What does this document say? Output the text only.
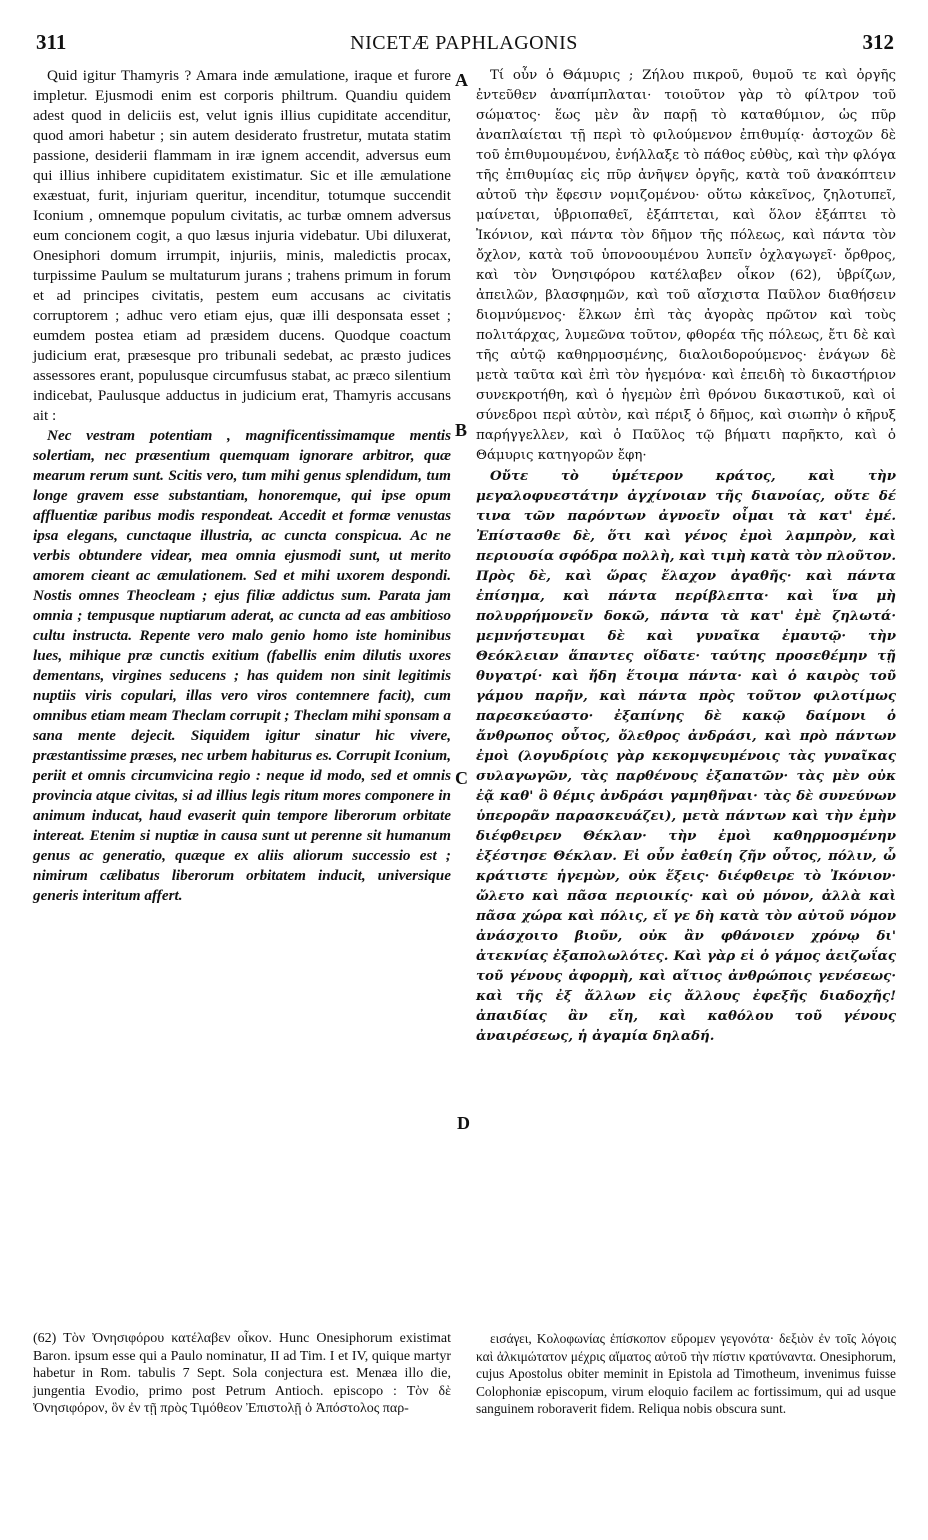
311	NICETÆ PAPHLAGONIS	312

Quid igitur Thamyris ? Amara inde æmulatione, iraque et furore impletur. Ejusmodi enim est corporis philtrum. Quandiu quidem adest quod in deliciis est, velut ignis illius cupiditate accenditur, quod amori habetur ; sin autem desiderato frustretur, mutata statim passione, desiderii flammam in iræ ignem accendit, adversus eum qui illius inhibere cupiditatem existimatur. Sic et ille æmulatione exæstuat, furit, injuriam queritur, incenditur, totumque succendit Iconium , omnemque populum civitatis, ac turbæ omnem adversus eum concionem cogit, a quo læsus injuria videbatur. Ubi diluxerat, Onesiphori domum irrumpit, injuriis, minis, maledictis procax, turpissime Paulum se multaturum jurans ; trahens primum in forum et ad principes civitatis, pestem eum accusans ac civitatis corruptorem ; adhuc vero etiam ejus, quæ illi desponsata esset ; eumdem postea etiam ad præsidem ducens. Quodque coactum judicium erat, præsesque pro tribunali sedebat, ac præsto judices assessores erant, populusque circumfusus stabat, ac præco silentium indicebat, Paulusque adductus in judicium erat, Thamyris accusans ait :

Nec vestram potentiam , magnificentissimamque mentis solertiam, nec præsentium quemquam ignorare arbitror, quæ mearum rerum sunt. Scitis vero, tum mihi genus splendidum, tum longe gravem esse substantiam, honoremque, qui ipse opum affluentiæ paribus modis respondeat. Accedit et formæ venustas ipsa elegans, cunctaque illustria, ac cuncta conspicua. Ac ne verbis obtundere videar, mea omnia ejusmodi sunt, ut merito amorem cieant ac æmulationem. Sed et mihi uxorem despondi. Nostis omnes Theocleam ; ejus filiæ addictus sum. Parata jam omnia ; tempusque nuptiarum aderat, ac cuncta ad eas ambitioso cultu instructa. Repente vero malo genio homo iste hominibus lues, mihique præ cunctis exitium (fabellis enim dilutis uxores dementans, virgines seducens ; has quidem non sinit legitimis nuptiis viris copulari, illas vero viros contemnere facit), cum omnibus etiam meam Theclam corrupit ; Theclam mihi sponsam a sana mente dejecit. Siquidem igitur sinatur hic vivere, præstantissime præses, nec urbem habiturus es. Corrupit Iconium, periit et omnis circumvicina regio : neque id modo, sed et omnis provincia atque civitas, si ad illius legis ritum mores componere in animum inducat, haud evaserit quin tempore liberorum orbitate intereat. Etenim si nuptiæ in causa sunt ut perenne sit humanum genus ac generatio, quæque ex aliis aliorum successio est ; nimirum cælibatus liberorum orbitatem inducit, universique generis interitum affert.

A
B
C
D

Τί οὖν ὁ Θάμυρις ; Ζήλου πικροῦ, θυμοῦ τε καὶ ὀργῆς ἐντεῦθεν ἀναπίμπλαται· τοιοῦτον γὰρ τὸ φίλτρον τοῦ σώματος· ἕως μὲν ἂν παρῇ τὸ καταθύμιον, ὡς πῦρ ἀναπλαίεται τῇ περὶ τὸ φιλούμενον ἐπιθυμίᾳ· ἀστοχῶν δὲ τοῦ ἐπιθυμουμένου, ἐνήλλαξε τὸ πάθος εὐθὺς, καὶ τὴν φλόγα τῆς ἐπιθυμίας εἰς πῦρ ἀνῆψεν ὀργῆς, κατὰ τοῦ ἀνακόπτειν αὐτοῦ τὴν ἔφεσιν νομιζομένου· οὕτω κἀκεῖνος, ζηλοτυπεῖ, μαίνεται, ὑβριοπαθεῖ, ἐξάπτεται, καὶ ὅλον ἐξάπτει τὸ Ἰκόνιον, καὶ πάντα τὸν δῆμον τῆς πόλεως, καὶ πάντα τὸν ὄχλον, κατὰ τοῦ ὑπονοουμένου λυπεῖν ὀχλαγωγεῖ· ὄρθρος, καὶ τὸν Ὀνησιφόρου κατέλαβεν οἶκον (62), ὑβρίζων, ἀπειλῶν, βλασφημῶν, καὶ τοῦ αἴσχιστα Παῦλον διαθήσειν διομνύμενος· ἕλκων ἐπὶ τὰς ἀγορὰς πρῶτον καὶ τοὺς πολιτάρχας, λυμεῶνα τοῦτον, φθορέα τῆς πόλεως, ἔτι δὲ καὶ τῆς αὐτῷ καθηρμοσμένης, διαλοιδορούμενος· ἐνάγων δὲ μετὰ ταῦτα καὶ ἐπὶ τὸν ἡγεμόνα· καὶ ἐπειδὴ τὸ δικαστήριον συνεκροτήθη, καὶ ὁ ἡγεμὼν ἐπὶ θρόνου δικαστικοῦ, καὶ οἱ σύνεδροι περὶ αὐτὸν, καὶ πέριξ ὁ δῆμος, καὶ σιωπὴν ὁ κῆρυξ παρήγγελλεν, καὶ ὁ Παῦλος τῷ βήματι παρῆκτο, καὶ ὁ Θάμυρις κατηγορῶν ἔφη·

Οὔτε τὸ ὑμέτερον κράτος, καὶ τὴν μεγαλοφυεστάτην ἀγχίνοιαν τῆς διανοίας, οὔτε δέ τινα τῶν παρόντων ἀγνοεῖν οἶμαι τὰ κατ' ἐμέ. Ἐπίστασθε δὲ, ὅτι καὶ γένος ἐμοὶ λαμπρὸν, καὶ περιουσία σφόδρα πολλὴ, καὶ τιμὴ κατὰ τὸν πλοῦτον. Πρὸς δὲ, καὶ ὥρας ἔλαχον ἀγαθῆς· καὶ πάντα ἐπίσημα, καὶ πάντα περίβλεπτα· καὶ ἵνα μὴ πολυρρήμονεῖν δοκῶ, πάντα τὰ κατ' ἐμὲ ζηλωτά· μεμνήστευμαι δὲ καὶ γυναῖκα ἐμαυτῷ· τὴν Θεόκλειαν ἅπαντες οἴδατε· ταύτης προσεθέμην τῇ θυγατρί· καὶ ἤδη ἕτοιμα πάντα· καὶ ὁ καιρὸς τοῦ γάμου παρῆν, καὶ πάντα πρὸς τοῦτον φιλοτίμως παρεσκεύαστο· ἐξαπίνης δὲ κακῷ δαίμονι ὁ ἄνθρωπος οὗτος, ὄλεθρος ἀνδράσι, καὶ πρὸ πάντων ἐμοὶ (λογυδρίοις γὰρ κεκομψευμένοις τὰς γυναῖκας συλαγωγῶν, τὰς παρθένους ἐξαπατῶν· τὰς μὲν οὐκ ἐᾷ καθ' ὃ θέμις ἀνδράσι γαμηθῆναι· τὰς δὲ συνεύνων ὑπερορᾶν παρασκευάζει), μετὰ πάντων καὶ τὴν ἐμὴν διέφθειρεν Θέκλαν· τὴν ἐμοὶ καθηρμοσμένην ἐξέστησε Θέκλαν. Εἰ οὖν ἐαθείη ζῆν οὗτος, πόλιν, ὦ κράτιστε ἡγεμὼν, οὐκ ἕξεις· διέφθειρε τὸ Ἰκόνιον· ὤλετο καὶ πᾶσα περιοικίς· καὶ οὐ μόνον, ἀλλὰ καὶ πᾶσα χώρα καὶ πόλις, εἴ γε δὴ κατὰ τὸν αὐτοῦ νόμον ἀνάσχοιτο βιοῦν, οὐκ ἂν φθάνοιεν χρόνῳ δι' ἀτεκνίας ἐξαπολωλότες. Καὶ γὰρ εἰ ὁ γάμος ἀειζωΐας τοῦ γένους ἀφορμὴ, καὶ αἴτιος ἀνθρώποις γενέσεως· καὶ τῆς ἐξ ἄλλων εἰς ἄλλους ἐφεξῆς διαδοχῆς! ἀπαιδίας ἂν εἴη, καὶ καθόλου τοῦ γένους ἀναιρέσεως, ἡ ἀγαμία δηλαδή.

(62) Τὸν Ὀνησιφόρου κατέλαβεν οἶκον. Hunc Onesiphorum existimat Baron. ipsum esse qui a Paulo nominatur, II ad Tim. I et IV, quique martyr habetur in Rom. tabulis 7 Sept. Sola conjectura est. Menæa illo die, jungentia Evodio, primo post Petrum Antioch. episcopo : Τὸν δὲ Ὀνησιφόρον, ὃν ἐν τῇ πρὸς Τιμόθεον Ἐπιστολῇ ὁ Ἀπόστολος παρ-

εισάγει, Κολοφωνίας ἐπίσκοπον εὕρομεν γεγονότα· δεξιὸν ἐν τοῖς λόγοις καὶ ἀλκιμώτατον μέχρις αἵματος αὐτοῦ τὴν πίστιν κρατύναντα. Onesiphorum, cujus Apostolus obiter meminit in Epistola ad Timotheum, invenimus fuisse Colophoniæ episcopum, virum eloquio facilem ac fortissimum, qui ad usque sanguinem roboraverit fidem. Reliqua nobis obscura sunt.
